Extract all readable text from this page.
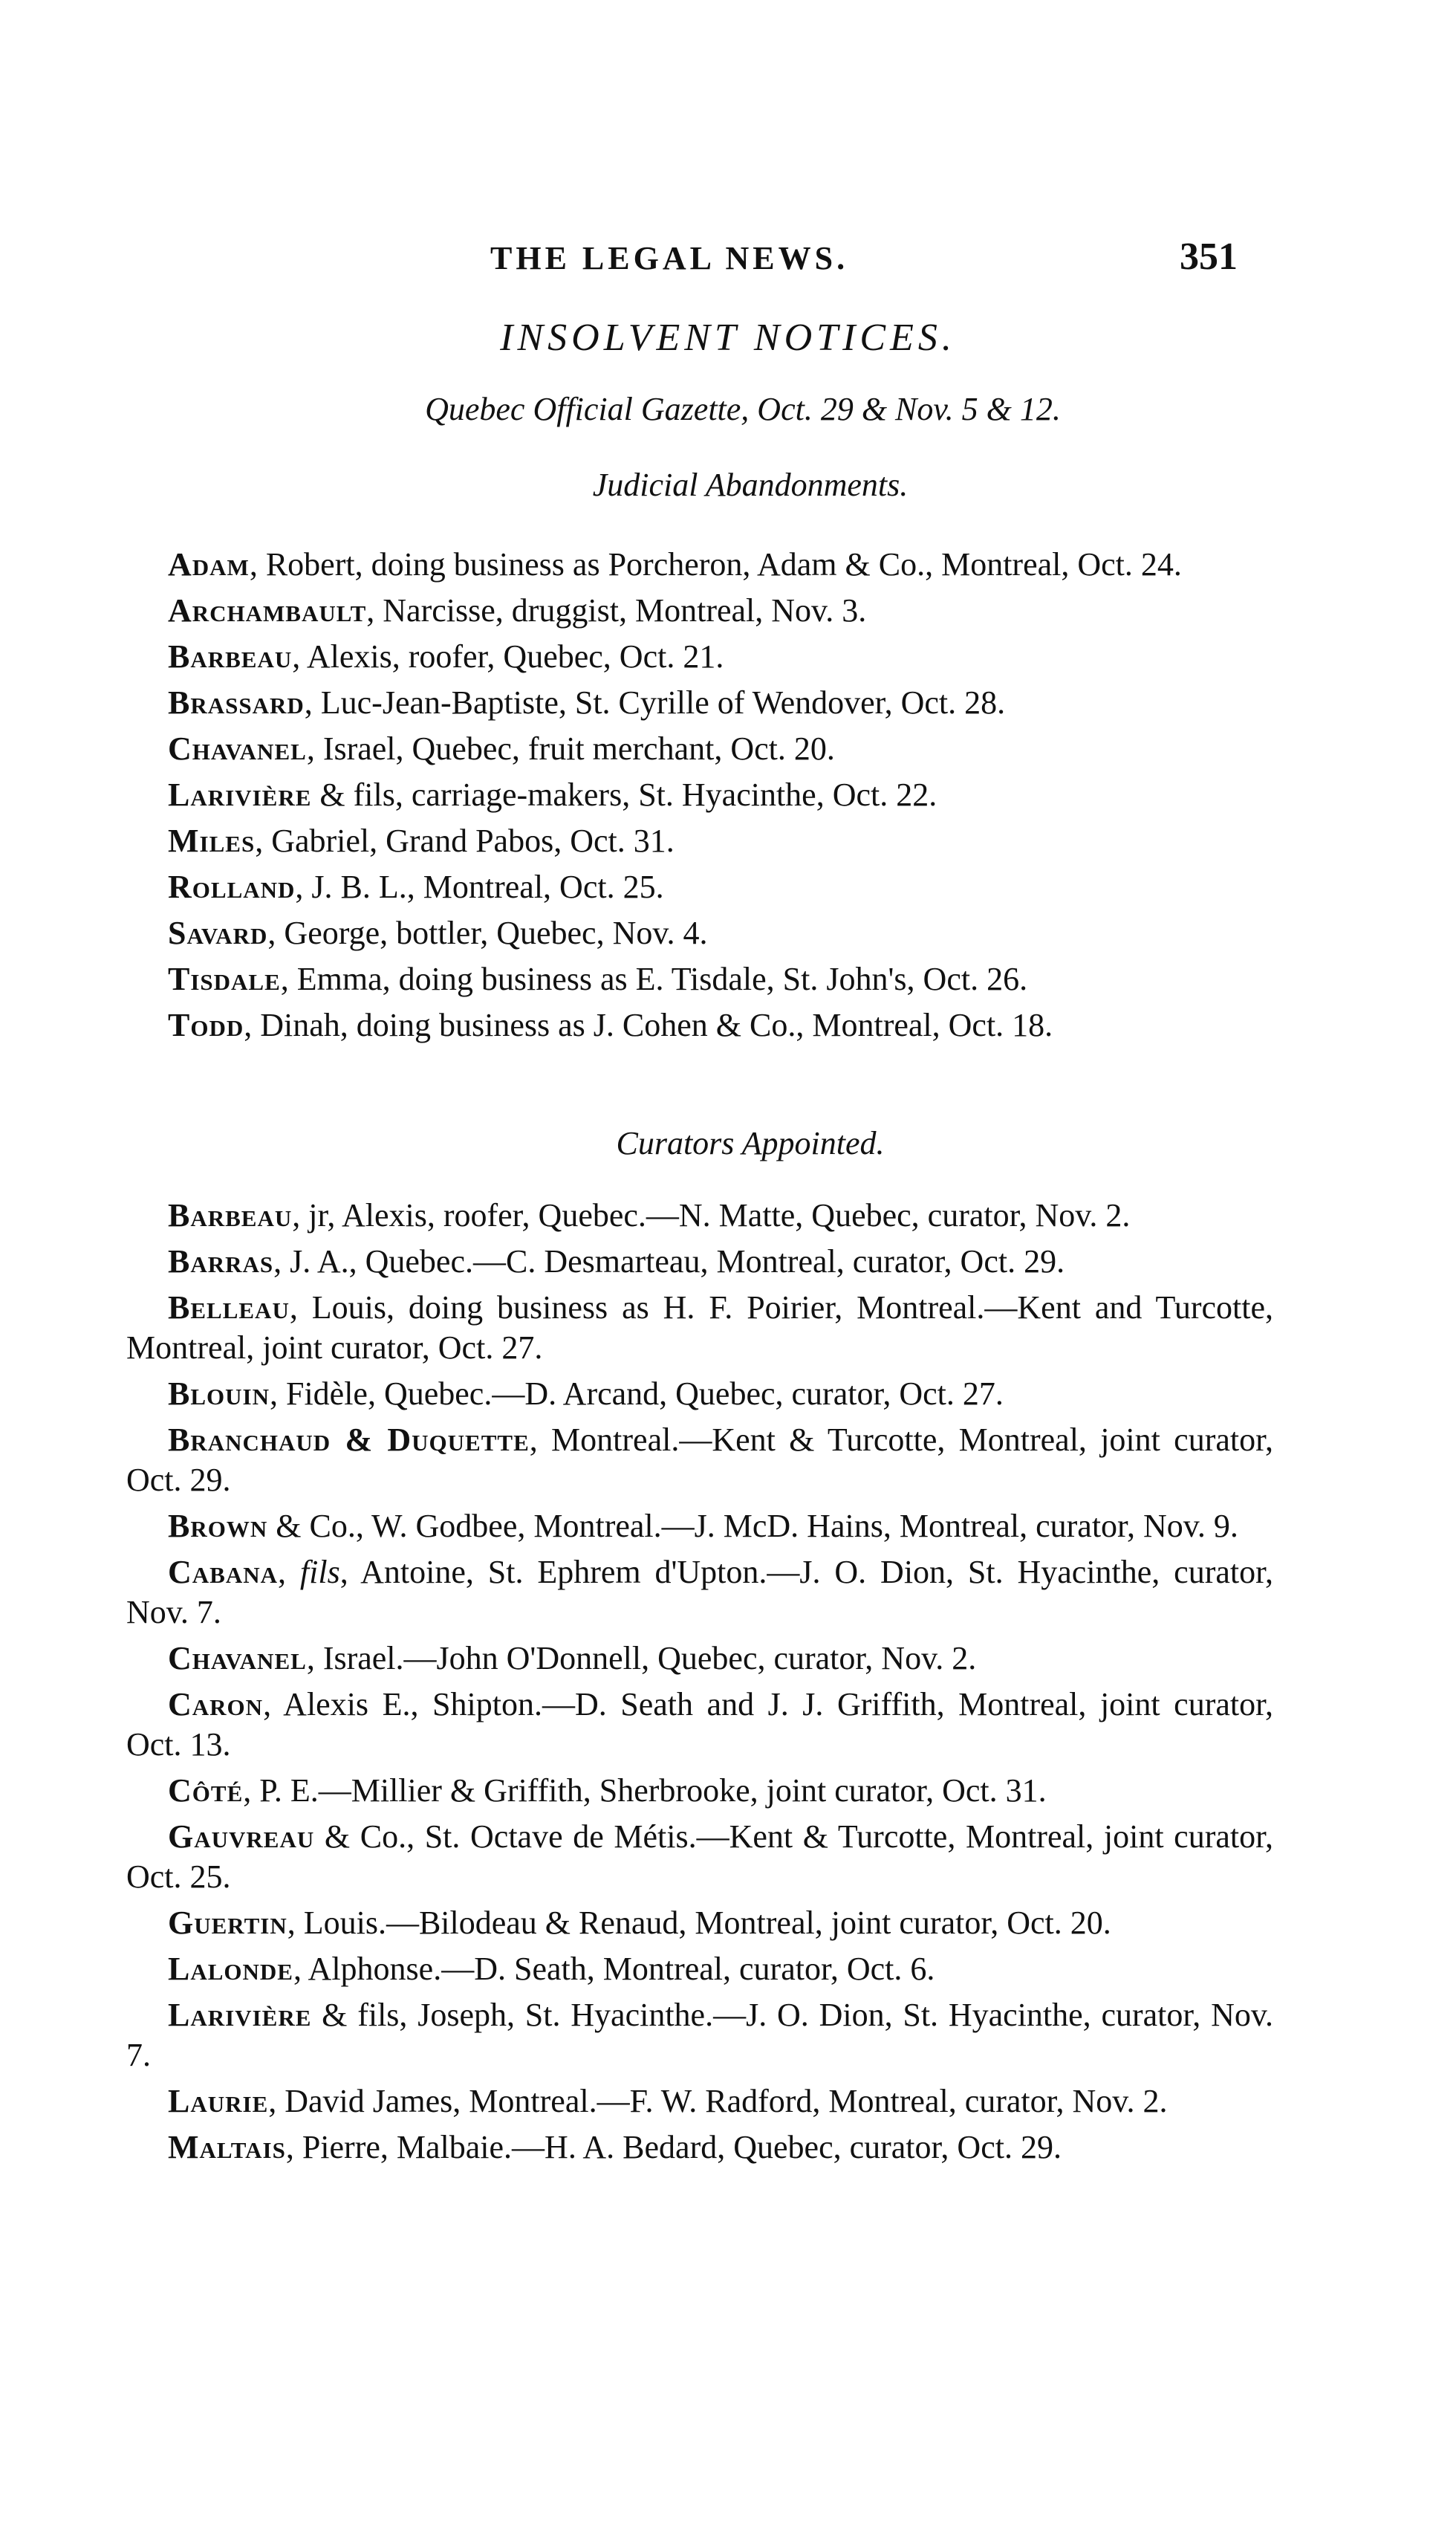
THE LEGAL NEWS.	351
INSOLVENT NOTICES.
Quebec Official Gazette, Oct. 29 & Nov. 5 & 12.
Judicial Abandonments.

Adam, Robert, doing business as Porcheron, Adam & Co., Montreal, Oct. 24.

Archambault, Narcisse, druggist, Montreal, Nov. 3.

Barbeau, Alexis, roofer, Quebec, Oct. 21.

Brassard, Luc-Jean-Baptiste, St. Cyrille of Wendover, Oct. 28.

Chavanel, Israel, Quebec, fruit merchant, Oct. 20.

Larivière & fils, carriage-makers, St. Hyacinthe, Oct. 22.

Miles, Gabriel, Grand Pabos, Oct. 31.

Rolland, J. B. L., Montreal, Oct. 25.

Savard, George, bottler, Quebec, Nov. 4.

Tisdale, Emma, doing business as E. Tisdale, St. John's, Oct. 26.

Todd, Dinah, doing business as J. Cohen & Co., Montreal, Oct. 18.

Curators Appointed.

Barbeau, jr, Alexis, roofer, Quebec.—N. Matte, Quebec, curator, Nov. 2.

Barras, J. A., Quebec.—C. Desmarteau, Montreal, curator, Oct. 29.

Belleau, Louis, doing business as H. F. Poirier, Montreal.—Kent and Turcotte, Montreal, joint curator, Oct. 27.

Blouin, Fidèle, Quebec.—D. Arcand, Quebec, curator, Oct. 27.

Branchaud & Duquette, Montreal.—Kent & Turcotte, Montreal, joint curator, Oct. 29.

Brown & Co., W. Godbee, Montreal.—J. McD. Hains, Montreal, curator, Nov. 9.

Cabana, fils, Antoine, St. Ephrem d'Upton.—J. O. Dion, St. Hyacinthe, curator, Nov. 7.

Chavanel, Israel.—John O'Donnell, Quebec, curator, Nov. 2.

Caron, Alexis E., Shipton.—D. Seath and J. J. Griffith, Montreal, joint curator, Oct. 13.

Côté, P. E.—Millier & Griffith, Sherbrooke, joint curator, Oct. 31.

Gauvreau & Co., St. Octave de Métis.—Kent & Turcotte, Montreal, joint curator, Oct. 25.

Guertin, Louis.—Bilodeau & Renaud, Montreal, joint curator, Oct. 20.

Lalonde, Alphonse.—D. Seath, Montreal, curator, Oct. 6.

Larivière & fils, Joseph, St. Hyacinthe.—J. O. Dion, St. Hyacinthe, curator, Nov. 7.

Laurie, David James, Montreal.—F. W. Radford, Montreal, curator, Nov. 2.

Maltais, Pierre, Malbaie.—H. A. Bedard, Quebec, curator, Oct. 29.
